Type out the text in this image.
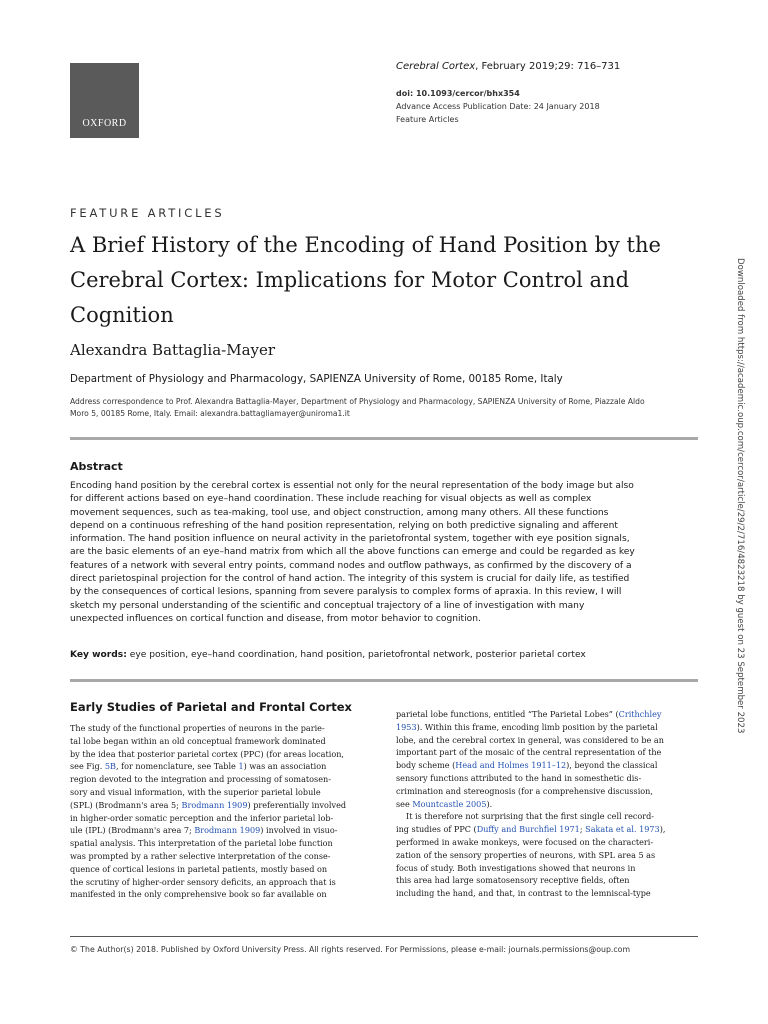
OXFORD
Cerebral Cortex, February 2019;29: 716–731
doi: 10.1093/cercor/bhx354
Advance Access Publication Date: 24 January 2018
Feature Articles
FEATURE ARTICLES
A Brief History of the Encoding of Hand Position by the
Cerebral Cortex: Implications for Motor Control and
Cognition
Alexandra Battaglia-Mayer
Department of Physiology and Pharmacology, SAPIENZA University of Rome, 00185 Rome, Italy
Address correspondence to Prof. Alexandra Battaglia-Mayer, Department of Physiology and Pharmacology, SAPIENZA University of Rome, Piazzale Aldo
Moro 5, 00185 Rome, Italy. Email: alexandra.battagliamayer@uniroma1.it
Abstract
Encoding hand position by the cerebral cortex is essential not only for the neural representation of the body image but also
for different actions based on eye–hand coordination. These include reaching for visual objects as well as complex
movement sequences, such as tea-making, tool use, and object construction, among many others. All these functions
depend on a continuous refreshing of the hand position representation, relying on both predictive signaling and afferent
information. The hand position influence on neural activity in the parietofrontal system, together with eye position signals,
are the basic elements of an eye–hand matrix from which all the above functions can emerge and could be regarded as key
features of a network with several entry points, command nodes and outflow pathways, as confirmed by the discovery of a
direct parietospinal projection for the control of hand action. The integrity of this system is crucial for daily life, as testified
by the consequences of cortical lesions, spanning from severe paralysis to complex forms of apraxia. In this review, I will
sketch my personal understanding of the scientific and conceptual trajectory of a line of investigation with many
unexpected influences on cortical function and disease, from motor behavior to cognition.
Key words: eye position, eye–hand coordination, hand position, parietofrontal network, posterior parietal cortex
Early Studies of Parietal and Frontal Cortex

The study of the functional properties of neurons in the parie-

tal lobe began within an old conceptual framework dominated

by the idea that posterior parietal cortex (PPC) (for areas location,

see Fig. 5B, for nomenclature, see Table 1) was an association

region devoted to the integration and processing of somatosen-

sory and visual information, with the superior parietal lobule

(SPL) (Brodmann's area 5; Brodmann 1909) preferentially involved

in higher-order somatic perception and the inferior parietal lob-

ule (IPL) (Brodmann's area 7; Brodmann 1909) involved in visuo-

spatial analysis. This interpretation of the parietal lobe function

was prompted by a rather selective interpretation of the conse-

quence of cortical lesions in parietal patients, mostly based on

the scrutiny of higher-order sensory deficits, an approach that is

manifested in the only comprehensive book so far available on

parietal lobe functions, entitled “The Parietal Lobes” (Crithchley

1953). Within this frame, encoding limb position by the parietal

lobe, and the cerebral cortex in general, was considered to be an

important part of the mosaic of the central representation of the

body scheme (Head and Holmes 1911–12), beyond the classical

sensory functions attributed to the hand in somesthetic dis-

crimination and stereognosis (for a comprehensive discussion,

see Mountcastle 2005).

It is therefore not surprising that the first single cell record-

ing studies of PPC (Duffy and Burchfiel 1971; Sakata et al. 1973),

performed in awake monkeys, were focused on the characteri-

zation of the sensory properties of neurons, with SPL area 5 as

focus of study. Both investigations showed that neurons in

this area had large somatosensory receptive fields, often

including the hand, and that, in contrast to the lemniscal-type

© The Author(s) 2018. Published by Oxford University Press. All rights reserved. For Permissions, please e-mail: journals.permissions@oup.com
Downloaded from https://academic.oup.com/cercor/article/29/2/716/4823218 by guest on 23 September 2023
